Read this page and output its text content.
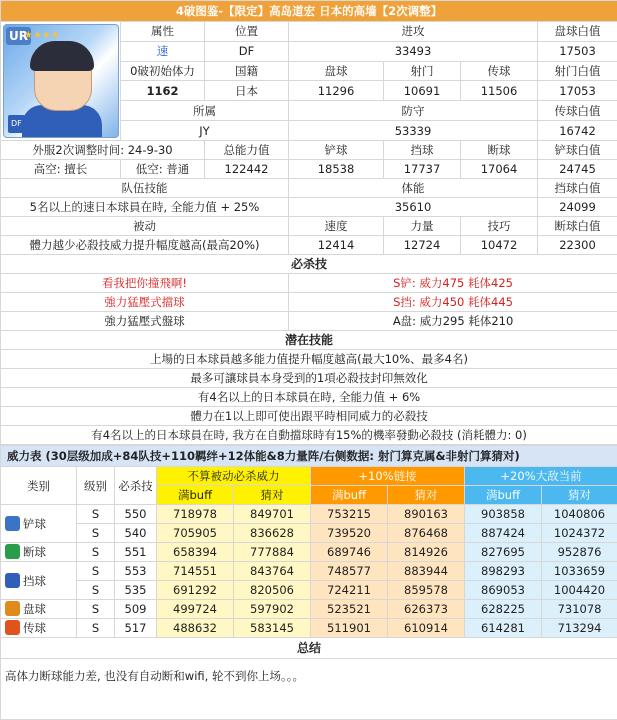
4破图鉴-【限定】高岛道宏 日本的高墙【2次调整】						

UR
★★★★
DF	属性	位置	进攻			盘球白值
	速	DF	33493			17503
	0破初始体力	国籍	盘球	射门	传球	射门白值
	1162	日本	11296	10691	11506	17053
	所属		防守			传球白值
	JY		53339			16742
外服2次调整时间: 24-9-30		总能力值	铲球	挡球	断球	铲球白值
高空: 擅长	低空: 普通	122442	18538	17737	17064	24745
队伍技能			体能			挡球白值
5名以上的速日本球員在時, 全能力值 + 25%			35610			24099
被动			速度	力量	技巧	断球白值
體力越少必殺技威力提升幅度越高(最高20%)			12414	12724	10472	22300
必杀技						
看我把你撞飛啊!			S铲: 威力475 耗体425			
強力猛壓式擋球			S挡: 威力450 耗体445			
強力猛壓式盤球			A盘: 威力295 耗体210			
潜在技能						
上場的日本球員越多能力值提升幅度越高(最大10%、最多4名)						
最多可讓球員本身受到的1項必殺技封印無效化						
有4名以上的日本球員在時, 全能力值 + 6%						
體力在1以上即可使出跟平時相同威力的必殺技						
有4名以上的日本球員在時, 我方在自動擋球時有15%的機率發動必殺技 (消耗體力: 0)						
威力表 (30层级加成+84队技+110羁绊+12体能&8力量阵/右侧数据: 射门算克属&非射门算猜对)								
类别	级别	必杀技	不算被动必杀威力		+10%链接		+20%大敌当前	
			满buff	猜对	满buff	猜对	满buff	猜对
铲球	S	550	718978	849701	753215	890163	903858	1040806
	S	540	705905	836628	739520	876468	887424	1024372
断球	S	551	658394	777884	689746	814926	827695	952876
挡球	S	553	714551	843764	748577	883944	898293	1033659
	S	535	691292	820506	724211	859578	869053	1004420
盘球	S	509	499724	597902	523521	626373	628225	731078
传球	S	517	488632	583145	511901	610914	614281	713294
总结								
高体力断球能力差, 也没有自动断和wifi, 轮不到你上场。。。								
